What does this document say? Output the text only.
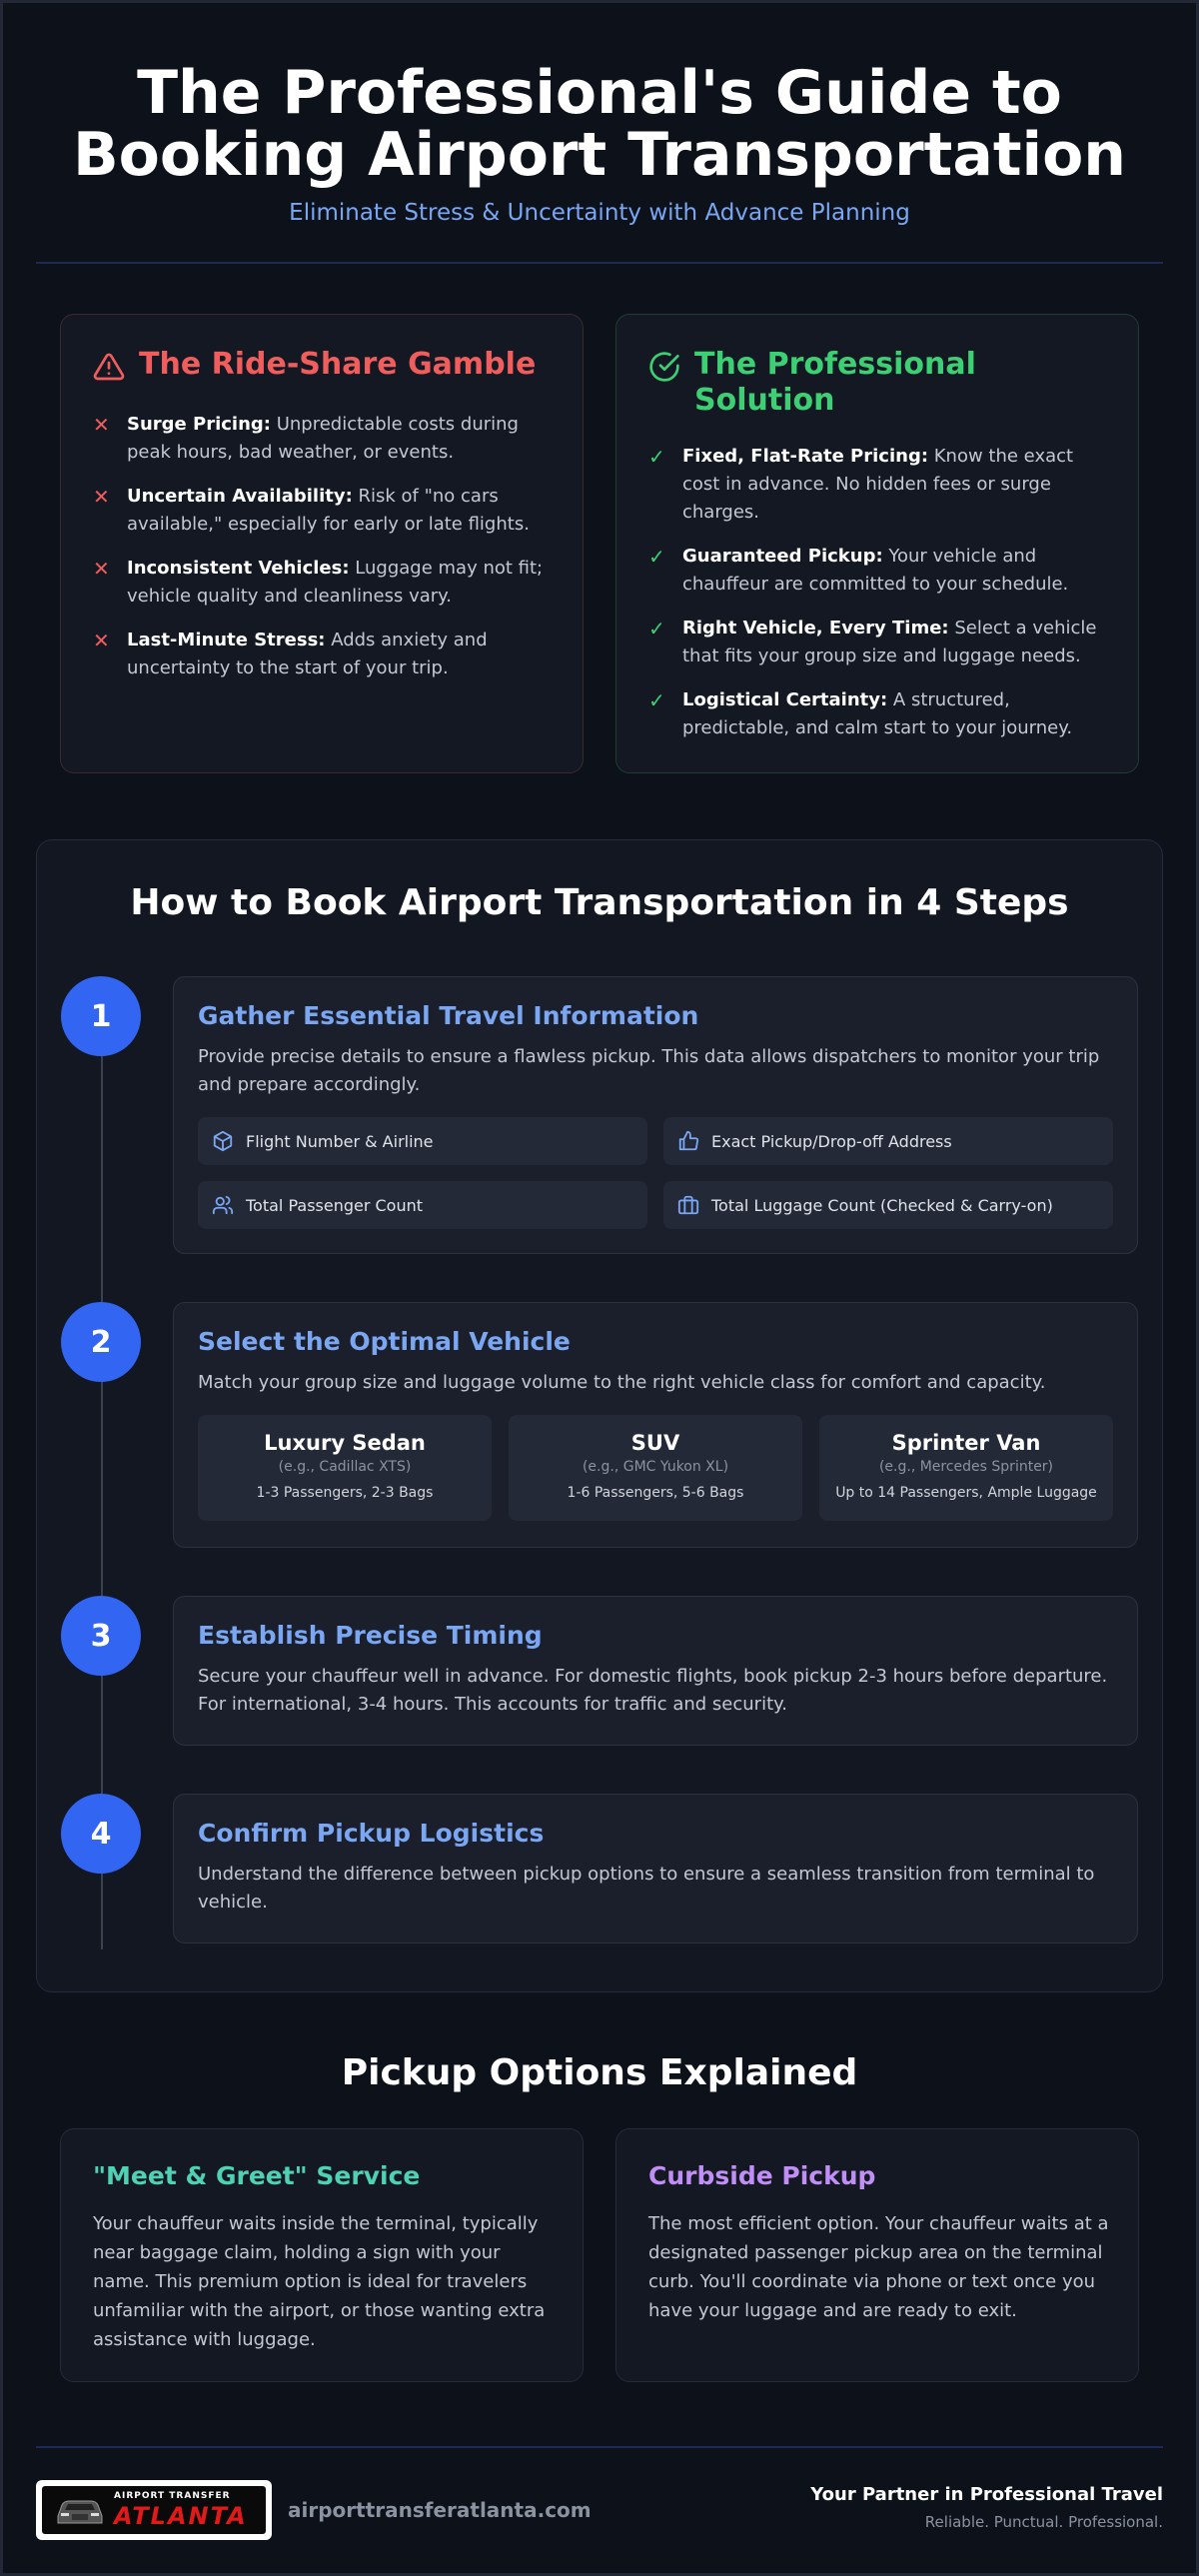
The Professional's Guide to
Booking Airport Transportation
Eliminate Stress & Uncertainty with Advance Planning
The Ride-Share Gamble
✕ Surge Pricing: Unpredictable costs during peak hours, bad weather, or events.
✕ Uncertain Availability: Risk of "no cars available," especially for early or late flights.
✕ Inconsistent Vehicles: Luggage may not fit; vehicle quality and cleanliness vary.
✕ Last-Minute Stress: Adds anxiety and uncertainty to the start of your trip.
The Professional Solution
✓ Fixed, Flat-Rate Pricing: Know the exact cost in advance. No hidden fees or surge charges.
✓ Guaranteed Pickup: Your vehicle and chauffeur are committed to your schedule.
✓ Right Vehicle, Every Time: Select a vehicle that fits your group size and luggage needs.
✓ Logistical Certainty: A structured, predictable, and calm start to your journey.
How to Book Airport Transportation in 4 Steps
1	Gather Essential Travel Information

Provide precise details to ensure a flawless pickup. This data allows dispatchers to monitor your trip and prepare accordingly.

Flight Number & Airline	Exact Pickup/Drop-off Address
Total Passenger Count	Total Luggage Count (Checked & Carry-on)
2	Select the Optimal Vehicle

Match your group size and luggage volume to the right vehicle class for comfort and capacity.

Luxury Sedan
(e.g., Cadillac XTS)
1-3 Passengers, 2-3 Bags
SUV
(e.g., GMC Yukon XL)
1-6 Passengers, 5-6 Bags
Sprinter Van
(e.g., Mercedes Sprinter)
Up to 14 Passengers, Ample Luggage
3	Establish Precise Timing

Secure your chauffeur well in advance. For domestic flights, book pickup 2-3 hours before departure. For international, 3-4 hours. This accounts for traffic and security.

4	Confirm Pickup Logistics

Understand the difference between pickup options to ensure a seamless transition from terminal to vehicle.

Pickup Options Explained
"Meet & Greet" Service

Your chauffeur waits inside the terminal, typically near baggage claim, holding a sign with your name. This premium option is ideal for travelers unfamiliar with the airport, or those wanting extra assistance with luggage.

Curbside Pickup

The most efficient option. Your chauffeur waits at a designated passenger pickup area on the terminal curb. You'll coordinate via phone or text once you have your luggage and are ready to exit.

AIRPORT TRANSFER
ATLANTA airporttransferatlanta.com
Your Partner in Professional Travel
Reliable. Punctual. Professional.
